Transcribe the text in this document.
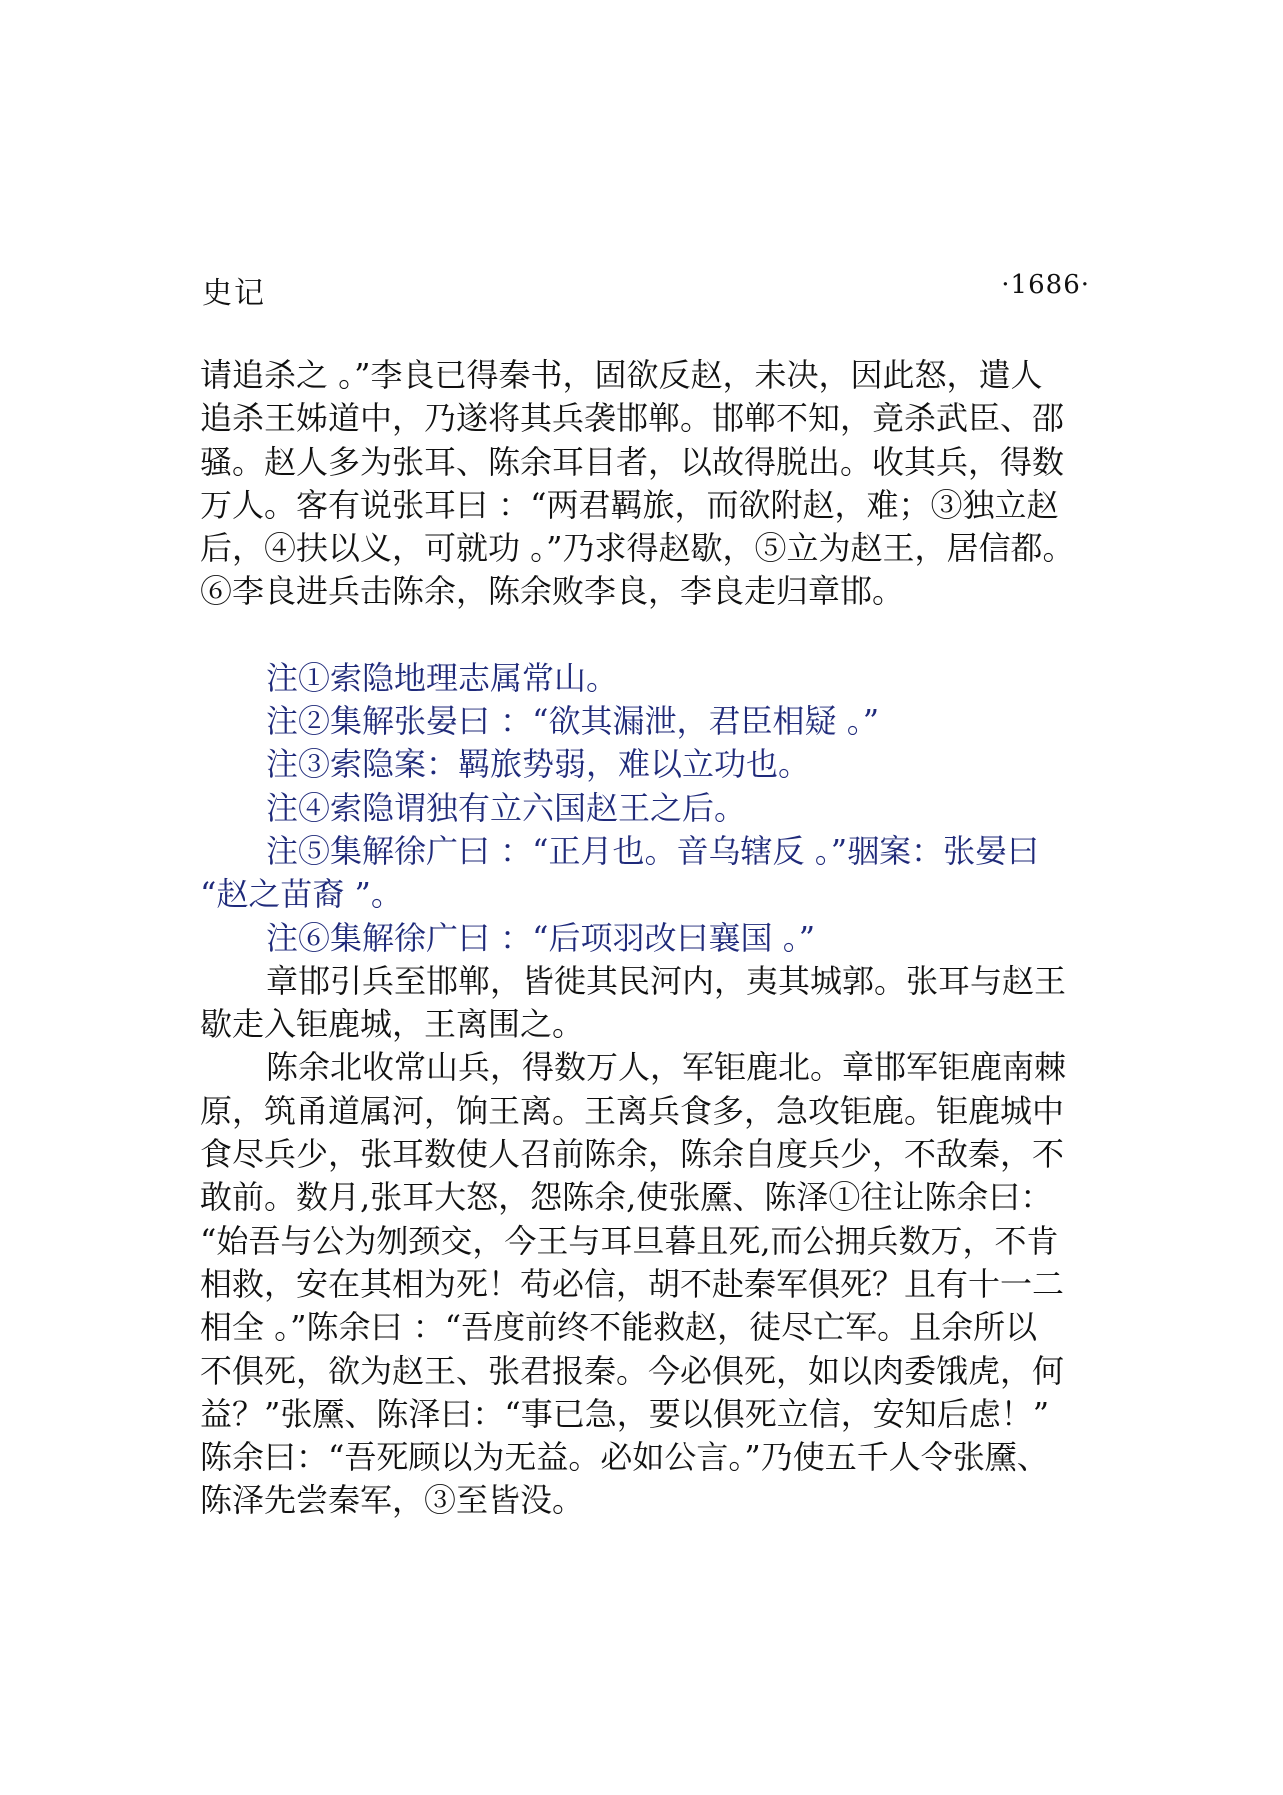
史记	·1686·

请追杀之 。”李良已得秦书，固欲反赵，未决，因此怒，遣人

追杀王姊道中，乃遂将其兵袭邯郸。邯郸不知，竟杀武臣、邵

骚。赵人多为张耳、陈余耳目者，以故得脱出。收其兵，得数

万人。客有说张耳曰 ：“两君羁旅，而欲附赵，难；③独立赵

后，④扶以义，可就功 。”乃求得赵歇，⑤立为赵王，居信都。

⑥李良进兵击陈余，陈余败李良，李良走归章邯。

注①索隐地理志属常山。

注②集解张晏曰 ：“欲其漏泄，君臣相疑 。”

注③索隐案：羁旅势弱，难以立功也。

注④索隐谓独有立六国赵王之后。

注⑤集解徐广曰 ：“正月也。音乌辖反 。”骃案：张晏曰
“赵之苗裔 ”。

注⑥集解徐广曰 ：“后项羽改曰襄国 。”

章邯引兵至邯郸，皆徙其民河内，夷其城郭。张耳与赵王
歇走入钜鹿城，王离围之。

陈余北收常山兵，得数万人，军钜鹿北。章邯军钜鹿南棘
原，筑甬道属河，饷王离。王离兵食多，急攻钜鹿。钜鹿城中
食尽兵少，张耳数使人召前陈余，陈余自度兵少，不敌秦，不
敢前。数月,张耳大怒，怨陈余,使张黡、陈泽①往让陈余曰：
“始吾与公为刎颈交，今王与耳旦暮且死,而公拥兵数万，不肯
相救，安在其相为死！苟必信，胡不赴秦军俱死？且有十一二
相全 。”陈余曰 ：“吾度前终不能救赵，徒尽亡军。且余所以
不俱死，欲为赵王、张君报秦。今必俱死，如以肉委饿虎，何
益？”张黡、陈泽曰：“事已急，要以俱死立信，安知后虑！”
陈余曰：“吾死顾以为无益。必如公言。”乃使五千人令张黡、
陈泽先尝秦军，③至皆没。
